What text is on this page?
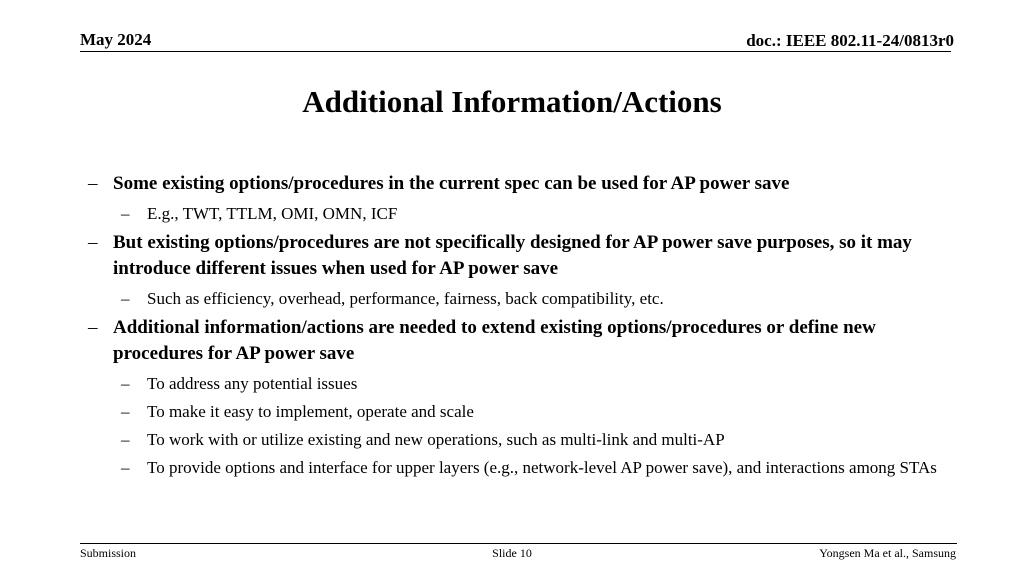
May 2024	doc.: IEEE 802.11-24/0813r0
Additional Information/Actions
– Some existing options/procedures in the current spec can be used for AP power save
– E.g., TWT, TTLM, OMI, OMN, ICF
– But existing options/procedures are not specifically designed for AP power save purposes, so it may introduce different issues when used for AP power save
– Such as efficiency, overhead, performance, fairness, back compatibility, etc.
– Additional information/actions are needed to extend existing options/procedures or define new procedures for AP power save
– To address any potential issues
– To make it easy to implement, operate and scale
– To work with or utilize existing and new operations, such as multi-link and multi-AP
– To provide options and interface for upper layers (e.g., network-level AP power save), and interactions among STAs
Submission	Slide 10	Yongsen Ma et al., Samsung
